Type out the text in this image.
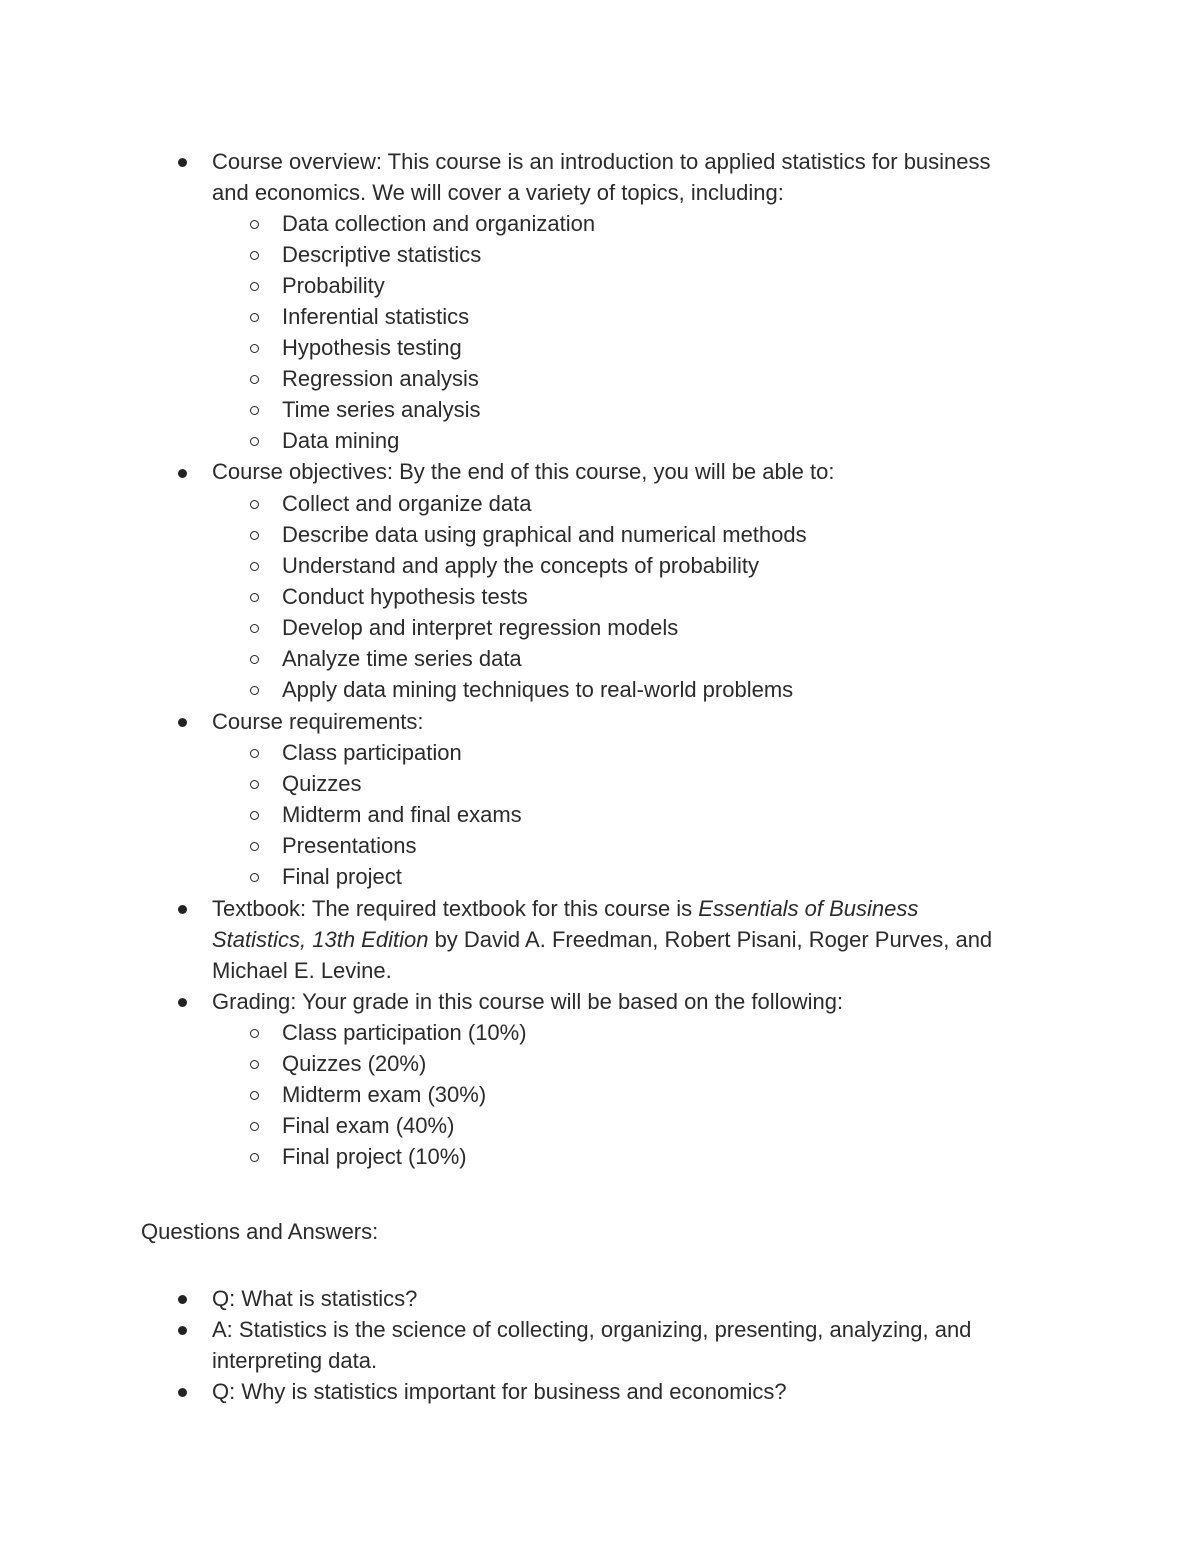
Course overview: This course is an introduction to applied statistics for business
and economics. We will cover a variety of topics, including:
Data collection and organization
Descriptive statistics
Probability
Inferential statistics
Hypothesis testing
Regression analysis
Time series analysis
Data mining
Course objectives: By the end of this course, you will be able to:
Collect and organize data
Describe data using graphical and numerical methods
Understand and apply the concepts of probability
Conduct hypothesis tests
Develop and interpret regression models
Analyze time series data
Apply data mining techniques to real-world problems
Course requirements:
Class participation
Quizzes
Midterm and final exams
Presentations
Final project
Textbook: The required textbook for this course is Essentials of Business
Statistics, 13th Edition by David A. Freedman, Robert Pisani, Roger Purves, and
Michael E. Levine.
Grading: Your grade in this course will be based on the following:
Class participation (10%)
Quizzes (20%)
Midterm exam (30%)
Final exam (40%)
Final project (10%)
Questions and Answers:
Q: What is statistics?
A: Statistics is the science of collecting, organizing, presenting, analyzing, and
interpreting data.
Q: Why is statistics important for business and economics?
